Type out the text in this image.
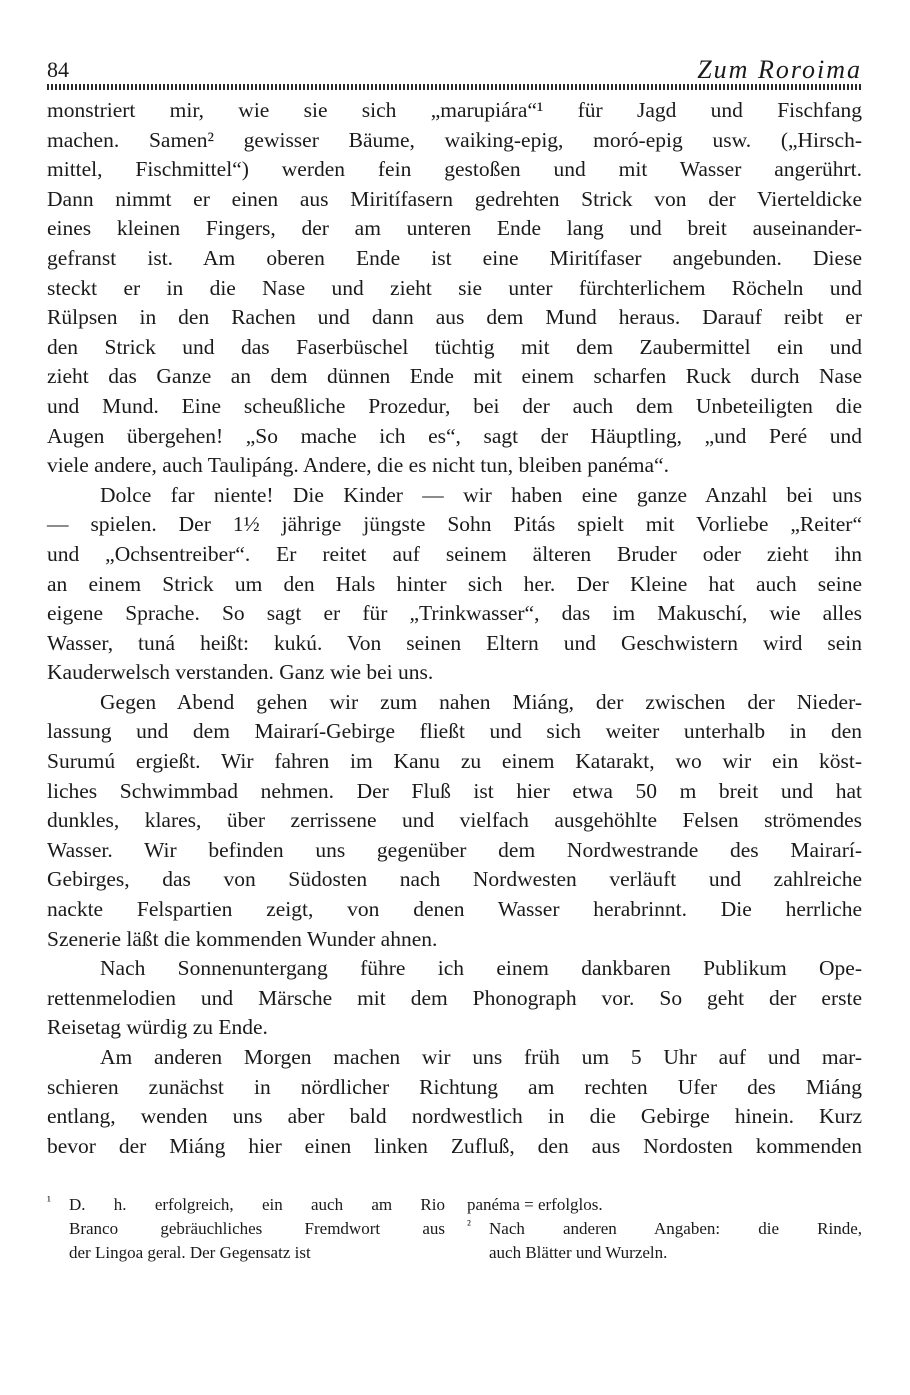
84	Zum Roroima

monstriert mir, wie sie sich „marupiára“¹ für Jagd und Fischfang
machen. Samen² gewisser Bäume, waiking-epig, moró-epig usw. („Hirsch-
mittel, Fischmittel“) werden fein gestoßen und mit Wasser angerührt.
Dann nimmt er einen aus Miritífasern gedrehten Strick von der Vierteldicke
eines kleinen Fingers, der am unteren Ende lang und breit auseinander-
gefranst ist. Am oberen Ende ist eine Miritífaser angebunden. Diese
steckt er in die Nase und zieht sie unter fürchterlichem Röcheln und
Rülpsen in den Rachen und dann aus dem Mund heraus. Darauf reibt er
den Strick und das Faserbüschel tüchtig mit dem Zaubermittel ein und
zieht das Ganze an dem dünnen Ende mit einem scharfen Ruck durch Nase
und Mund. Eine scheußliche Prozedur, bei der auch dem Unbeteiligten die
Augen übergehen! „So mache ich es“, sagt der Häuptling, „und Peré und

viele andere, auch Taulipáng. Andere, die es nicht tun, bleiben panéma“.

Dolce far niente! Die Kinder — wir haben eine ganze Anzahl bei uns
— spielen. Der 1½ jährige jüngste Sohn Pitás spielt mit Vorliebe „Reiter“
und „Ochsentreiber“. Er reitet auf seinem älteren Bruder oder zieht ihn
an einem Strick um den Hals hinter sich her. Der Kleine hat auch seine
eigene Sprache. So sagt er für „Trinkwasser“, das im Makuschí, wie alles
Wasser, tuná heißt: kukú. Von seinen Eltern und Geschwistern wird sein

Kauderwelsch verstanden. Ganz wie bei uns.

Gegen Abend gehen wir zum nahen Miáng, der zwischen der Nieder-
lassung und dem Mairarí-Gebirge fließt und sich weiter unterhalb in den
Surumú ergießt. Wir fahren im Kanu zu einem Katarakt, wo wir ein köst-
liches Schwimmbad nehmen. Der Fluß ist hier etwa 50 m breit und hat
dunkles, klares, über zerrissene und vielfach ausgehöhlte Felsen strömendes
Wasser. Wir befinden uns gegenüber dem Nordwestrande des Mairarí-
Gebirges, das von Südosten nach Nordwesten verläuft und zahlreiche
nackte Felspartien zeigt, von denen Wasser herabrinnt. Die herrliche

Szenerie läßt die kommenden Wunder ahnen.

Nach Sonnenuntergang führe ich einem dankbaren Publikum Ope-
rettenmelodien und Märsche mit dem Phonograph vor. So geht der erste

Reisetag würdig zu Ende.

Am anderen Morgen machen wir uns früh um 5 Uhr auf und mar-
schieren zunächst in nördlicher Richtung am rechten Ufer des Miáng
entlang, wenden uns aber bald nordwestlich in die Gebirge hinein. Kurz
bevor der Miáng hier einen linken Zufluß, den aus Nordosten kommenden

¹	D. h. erfolgreich, ein auch am Rio
Branco gebräuchliches Fremdwort aus

der Lingoa geral. Der Gegensatz ist

panéma = erfolglos.

²	Nach anderen Angaben: die Rinde,

auch Blätter und Wurzeln.
